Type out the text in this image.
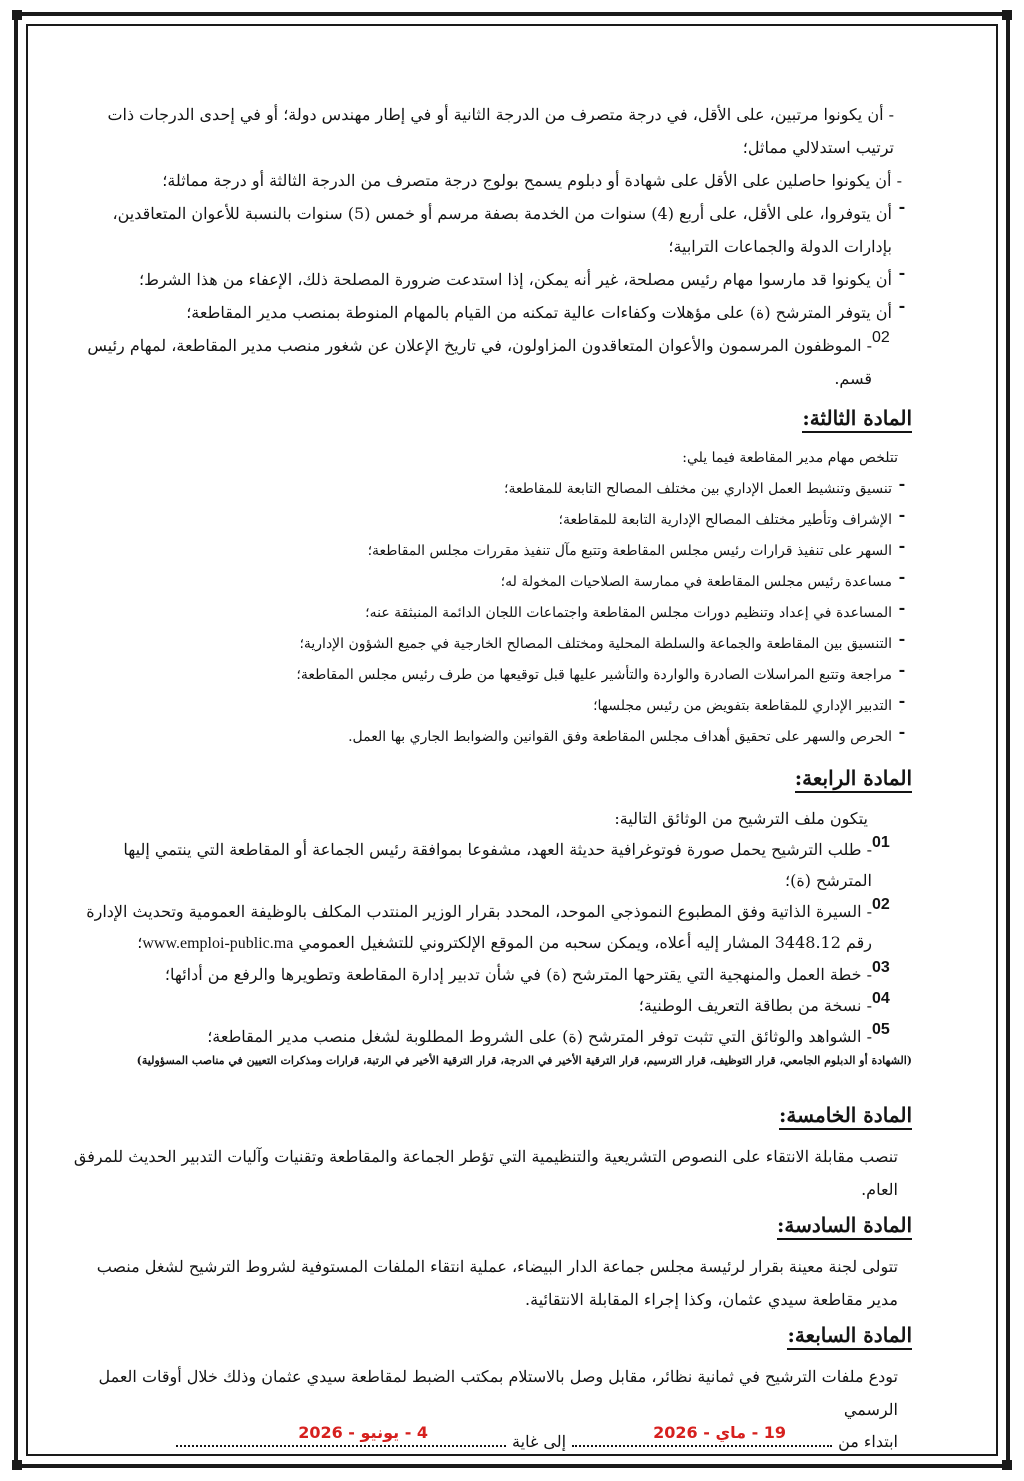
- أن يكونوا مرتبين، على الأقل، في درجة متصرف من الدرجة الثانية أو في إطار مهندس دولة؛ أو في إحدى الدرجات ذات ترتيب استدلالي مماثل؛

- أن يكونوا حاصلين على الأقل على شهادة أو دبلوم يسمح بولوج درجة متصرف من الدرجة الثالثة أو درجة مماثلة؛

-

أن يتوفروا، على الأقل، على أربع (4) سنوات من الخدمة بصفة مرسم أو خمس (5) سنوات بالنسبة للأعوان المتعاقدين، بإدارات الدولة والجماعات الترابية؛

-

أن يكونوا قد مارسوا مهام رئيس مصلحة، غير أنه يمكن، إذا استدعت ضرورة المصلحة ذلك، الإعفاء من هذا الشرط؛

-

أن يتوفر المترشح (ة) على مؤهلات وكفاءات عالية تمكنه من القيام بالمهام المنوطة بمنصب مدير المقاطعة؛

02

- الموظفون المرسمون والأعوان المتعاقدون المزاولون، في تاريخ الإعلان عن شغور منصب مدير المقاطعة، لمهام رئيس قسم.

المادة الثالثة:

تتلخص مهام مدير المقاطعة فيما يلي:

-

تنسيق وتنشيط العمل الإداري بين مختلف المصالح التابعة للمقاطعة؛

-

الإشراف وتأطير مختلف المصالح الإدارية التابعة للمقاطعة؛

-

السهر على تنفيذ قرارات رئيس مجلس المقاطعة وتتبع مآل تنفيذ مقررات مجلس المقاطعة؛

-

مساعدة رئيس مجلس المقاطعة في ممارسة الصلاحيات المخولة له؛

-

المساعدة في إعداد وتنظيم دورات مجلس المقاطعة واجتماعات اللجان الدائمة المنبثقة عنه؛

-

التنسيق بين المقاطعة والجماعة والسلطة المحلية ومختلف المصالح الخارجية في جميع الشؤون الإدارية؛

-

مراجعة وتتبع المراسلات الصادرة والواردة والتأشير عليها قبل توقيعها من طرف رئيس مجلس المقاطعة؛

-

التدبير الإداري للمقاطعة بتفويض من رئيس مجلسها؛

-

الحرص والسهر على تحقيق أهداف مجلس المقاطعة وفق القوانين والضوابط الجاري بها العمل.

المادة الرابعة:

يتكون ملف الترشيح من الوثائق التالية:

01

- طلب الترشيح يحمل صورة فوتوغرافية حديثة العهد، مشفوعا بموافقة رئيس الجماعة أو المقاطعة التي ينتمي إليها المترشح (ة)؛

02

- السيرة الذاتية وفق المطبوع النموذجي الموحد، المحدد بقرار الوزير المنتدب المكلف بالوظيفة العمومية وتحديث الإدارة رقم 3448.12 المشار إليه أعلاه، ويمكن سحبه من الموقع الإلكتروني للتشغيل العمومي www.emploi-public.ma؛

03

- خطة العمل والمنهجية التي يقترحها المترشح (ة) في شأن تدبير إدارة المقاطعة وتطويرها والرفع من أدائها؛

04

- نسخة من بطاقة التعريف الوطنية؛

05

- الشواهد والوثائق التي تثبت توفر المترشح (ة) على الشروط المطلوبة لشغل منصب مدير المقاطعة؛

(الشهادة أو الدبلوم الجامعي، قرار التوظيف، قرار الترسيم، قرار الترقية الأخير في الدرجة، قرار الترقية الأخير في الرتبة، قرارات ومذكرات التعيين في مناصب المسؤولية)

المادة الخامسة:

تنصب مقابلة الانتقاء على النصوص التشريعية والتنظيمية التي تؤطر الجماعة والمقاطعة وتقنيات وآليات التدبير الحديث للمرفق العام.

المادة السادسة:

تتولى لجنة معينة بقرار لرئيسة مجلس جماعة الدار البيضاء، عملية انتقاء الملفات المستوفية لشروط الترشيح لشغل منصب مدير مقاطعة سيدي عثمان، وكذا إجراء المقابلة الانتقائية.

المادة السابعة:

تودع ملفات الترشيح في ثمانية نظائر، مقابل وصل بالاستلام بمكتب الضبط لمقاطعة سيدي عثمان وذلك خلال أوقات العمل الرسمي

ابتداء من
19 - ماي - 2026
إلى غاية
4 - يونيو - 2026
